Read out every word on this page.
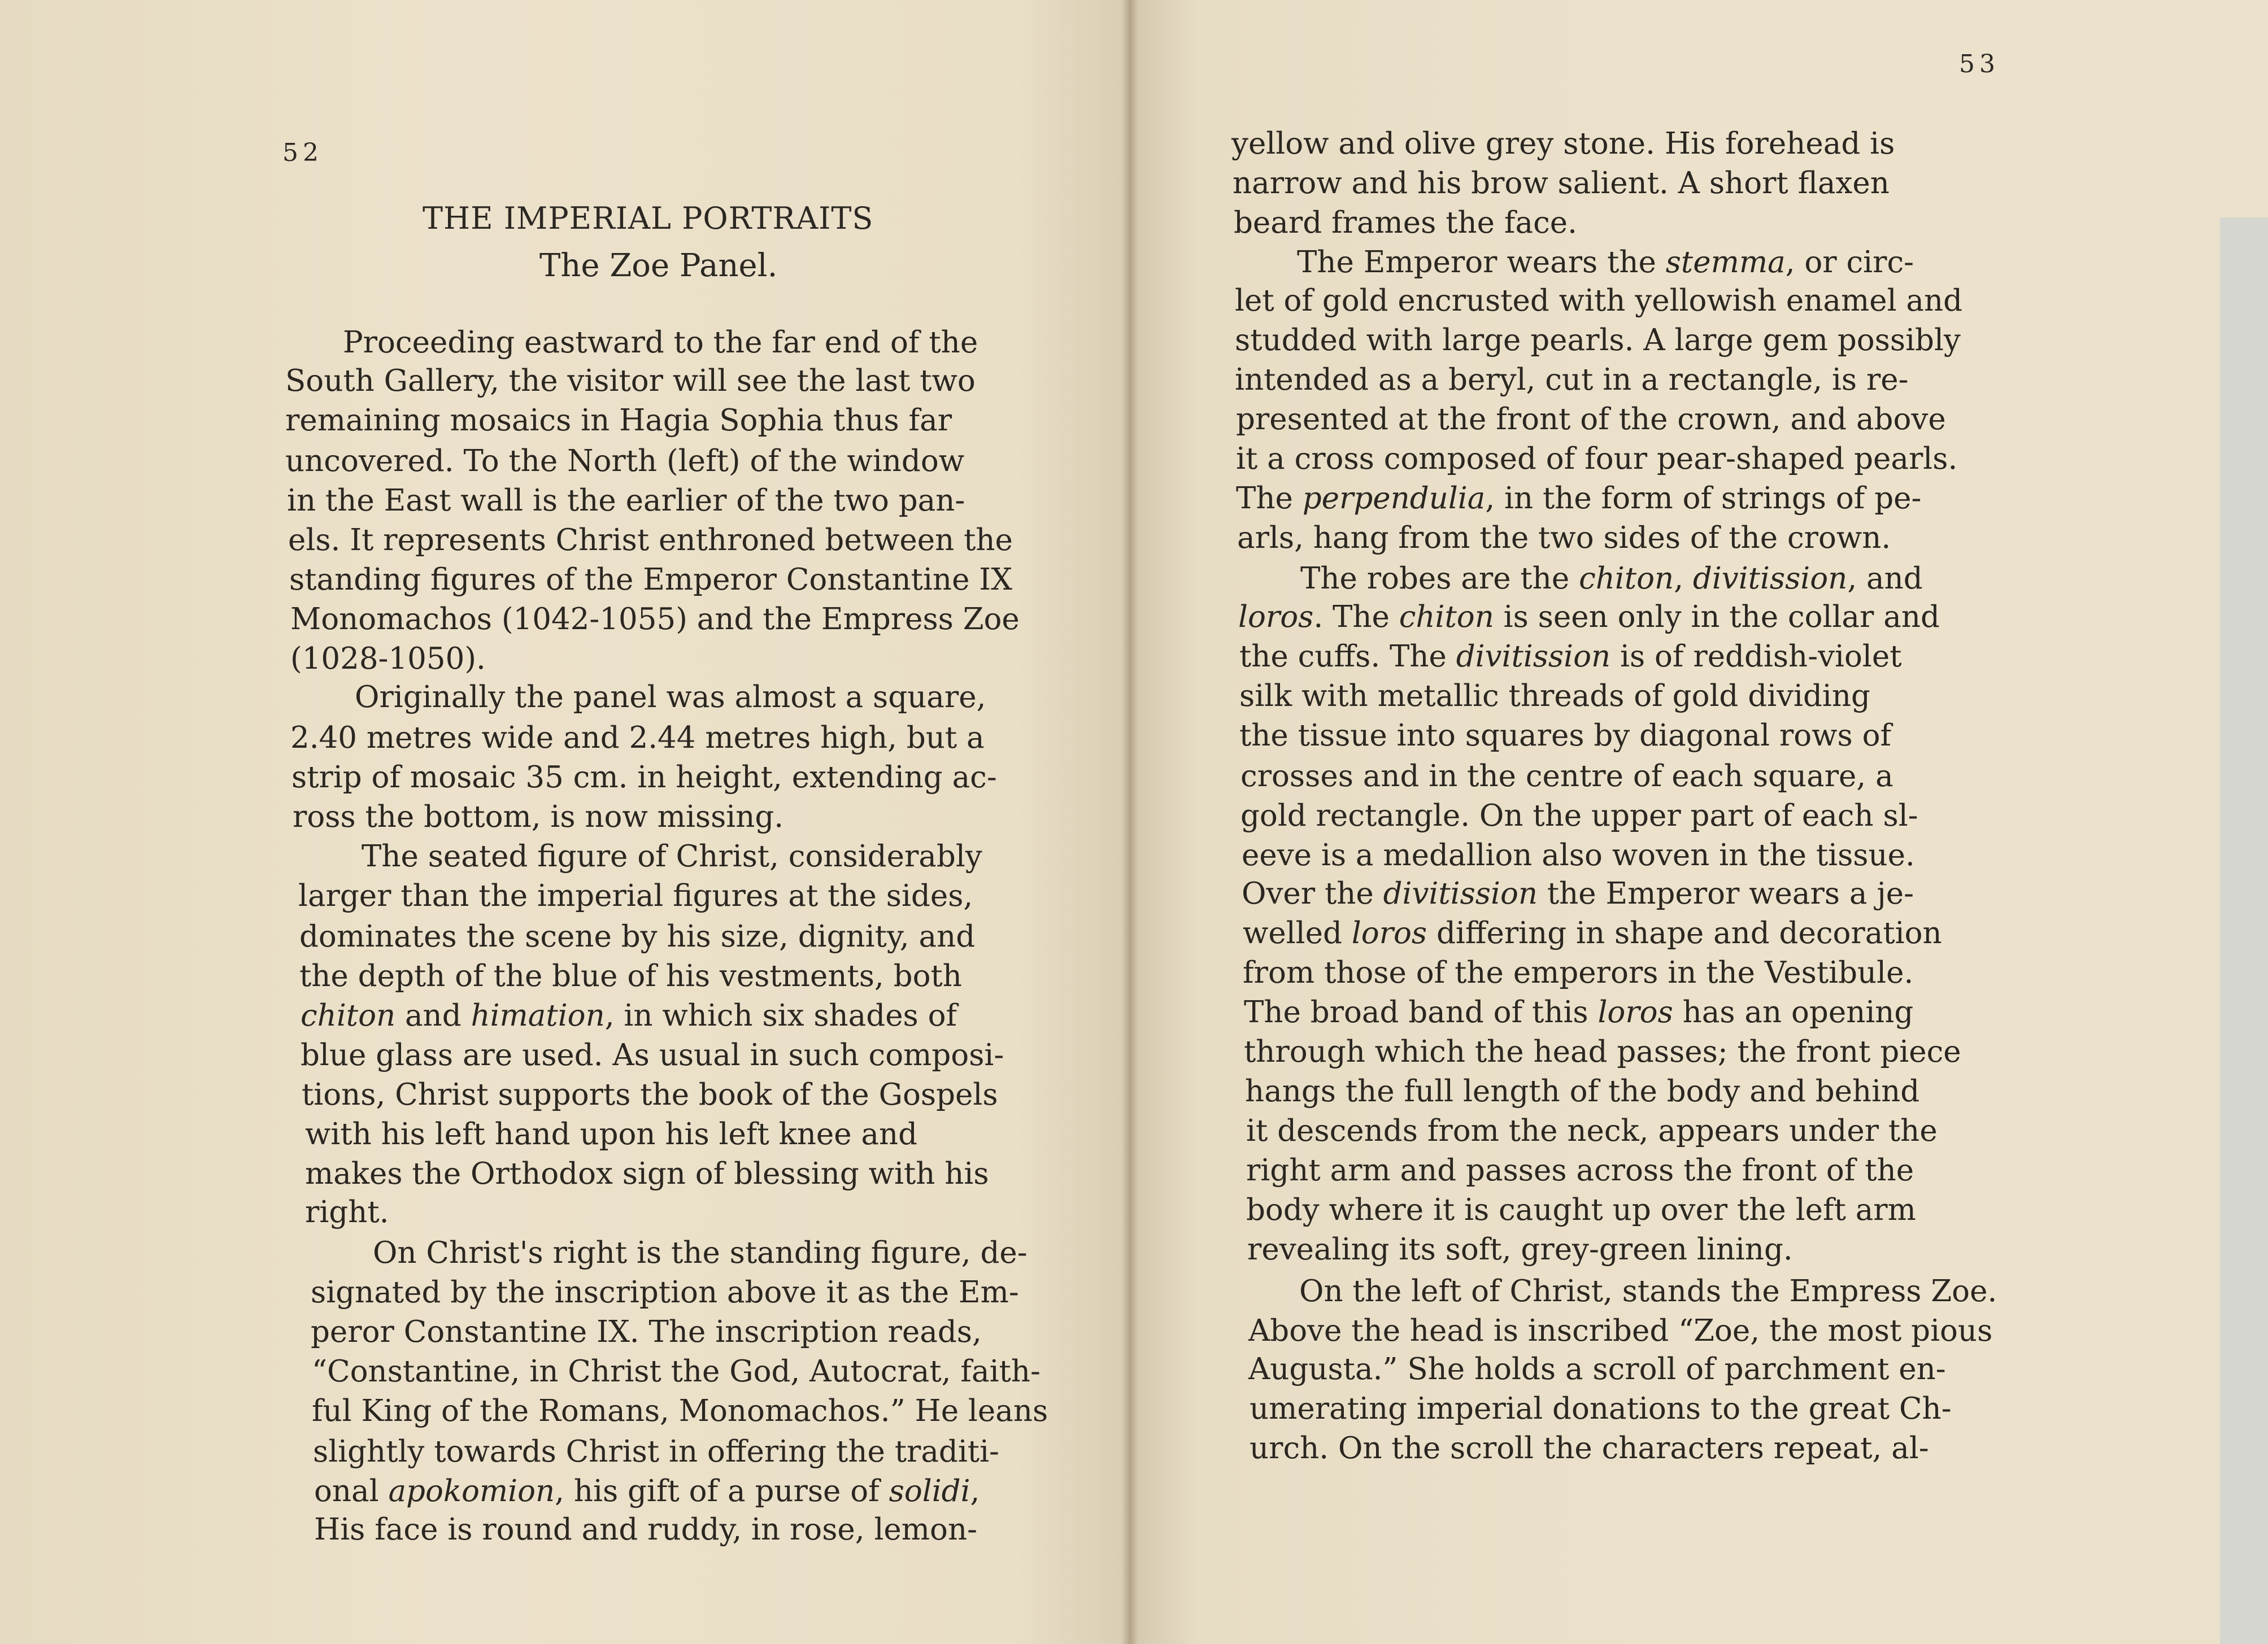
52
53
THE IMPERIAL PORTRAITS
The Zoe Panel.
Proceeding eastward to the far end of the
South Gallery, the visitor will see the last two
remaining mosaics in Hagia Sophia thus far
uncovered. To the North (left) of the window
in the East wall is the earlier of the two pan-
els. It represents Christ enthroned between the
standing figures of the Emperor Constantine IX
Monomachos (1042-1055) and the Empress Zoe
(1028-1050).
Originally the panel was almost a square,
2.40 metres wide and 2.44 metres high, but a
strip of mosaic 35 cm. in height, extending ac-
ross the bottom, is now missing.
The seated figure of Christ, considerably
larger than the imperial figures at the sides,
dominates the scene by his size, dignity, and
the depth of the blue of his vestments, both
chiton and himation, in which six shades of
blue glass are used. As usual in such composi-
tions, Christ supports the book of the Gospels
with his left hand upon his left knee and
makes the Orthodox sign of blessing with his
right.
On Christ's right is the standing figure, de-
signated by the inscription above it as the Em-
peror Constantine IX. The inscription reads,
“Constantine, in Christ the God, Autocrat, faith-
ful King of the Romans, Monomachos.” He leans
slightly towards Christ in offering the traditi-
onal apokomion, his gift of a purse of solidi,
His face is round and ruddy, in rose, lemon-
yellow and olive grey stone. His forehead is
narrow and his brow salient. A short flaxen
beard frames the face.
The Emperor wears the stemma, or circ-
let of gold encrusted with yellowish enamel and
studded with large pearls. A large gem possibly
intended as a beryl, cut in a rectangle, is re-
presented at the front of the crown, and above
it a cross composed of four pear-shaped pearls.
The perpendulia, in the form of strings of pe-
arls, hang from the two sides of the crown.
The robes are the chiton, divitission, and
loros. The chiton is seen only in the collar and
the cuffs. The divitission is of reddish-violet
silk with metallic threads of gold dividing
the tissue into squares by diagonal rows of
crosses and in the centre of each square, a
gold rectangle. On the upper part of each sl-
eeve is a medallion also woven in the tissue.
Over the divitission the Emperor wears a je-
welled loros differing in shape and decoration
from those of the emperors in the Vestibule.
The broad band of this loros has an opening
through which the head passes; the front piece
hangs the full length of the body and behind
it descends from the neck, appears under the
right arm and passes across the front of the
body where it is caught up over the left arm
revealing its soft, grey-green lining.
On the left of Christ, stands the Empress Zoe.
Above the head is inscribed “Zoe, the most pious
Augusta.” She holds a scroll of parchment en-
umerating imperial donations to the great Ch-
urch. On the scroll the characters repeat, al-
